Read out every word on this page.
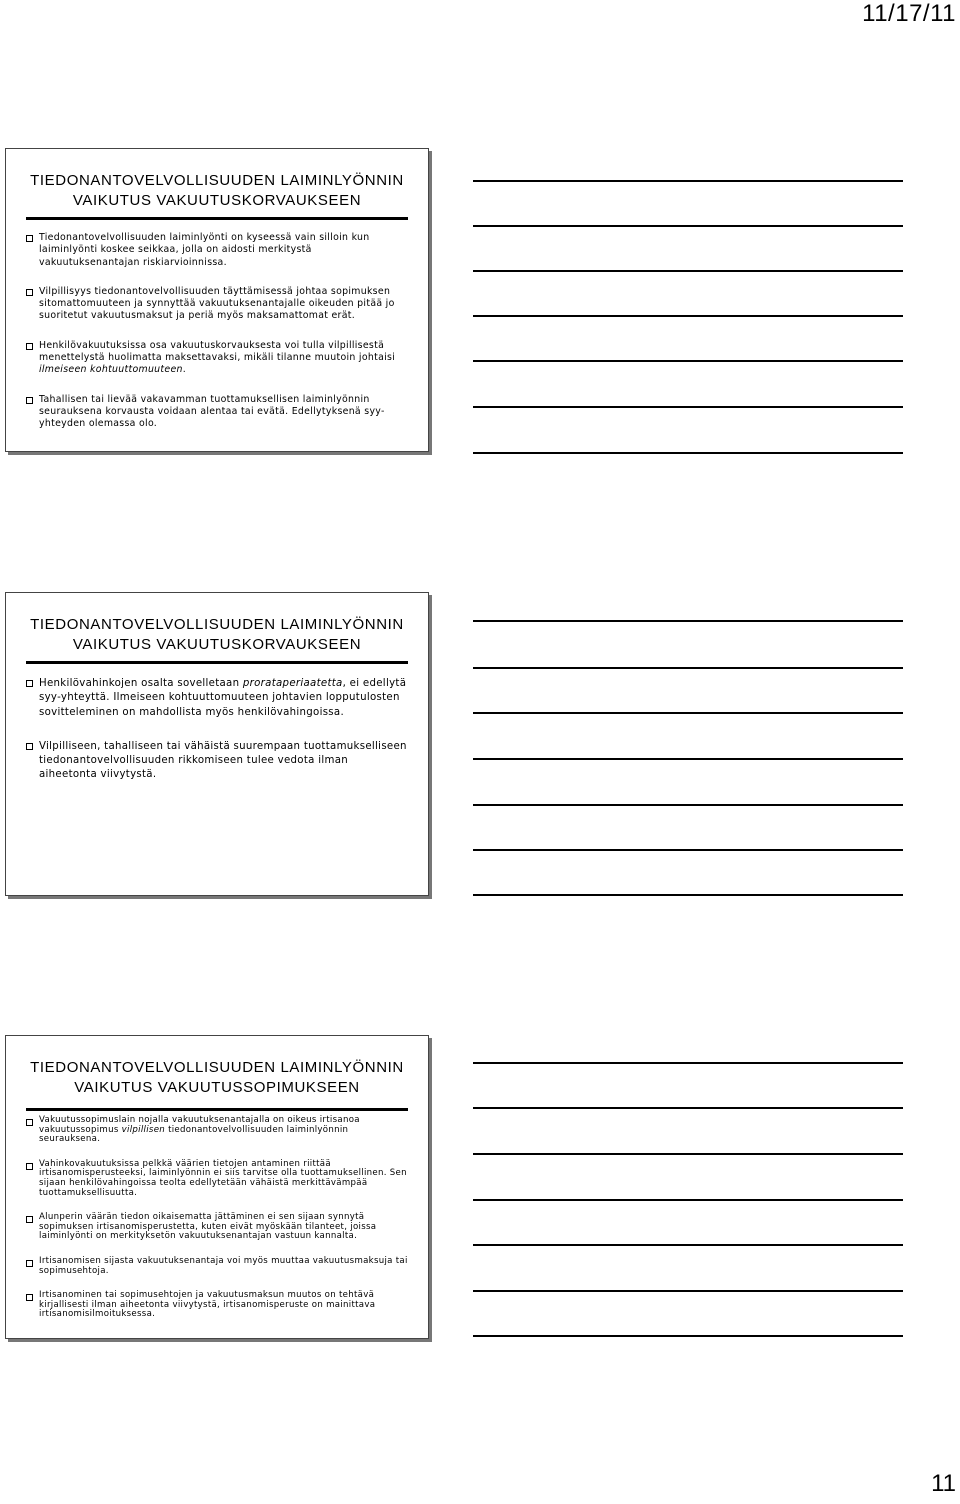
11/17/11
TIEDONANTOVELVOLLISUUDEN LAIMINLYÖNNIN
VAIKUTUS VAKUUTUSKORVAUKSEEN
Tiedonantovelvollisuuden laiminlyönti on kyseessä vain silloin kun laiminlyönti koskee seikkaa, jolla on aidosti merkitystä vakuutuksenantajan riskiarvioinnissa.
Vilpillisyys tiedonantovelvollisuuden täyttämisessä johtaa sopimuksen sitomattomuuteen ja synnyttää vakuutuksenantajalle oikeuden pitää jo suoritetut vakuutusmaksut ja periä myös maksamattomat erät.
Henkilövakuutuksissa osa vakuutuskorvauksesta voi tulla vilpillisestä menettelystä huolimatta maksettavaksi, mikäli tilanne muutoin johtaisi ilmeiseen kohtuuttomuuteen.
Tahallisen tai lievää vakavamman tuottamuksellisen laiminlyönnin seurauksena korvausta voidaan alentaa tai evätä. Edellytyksenä syy-yhteyden olemassa olo.
TIEDONANTOVELVOLLISUUDEN LAIMINLYÖNNIN
VAIKUTUS VAKUUTUSKORVAUKSEEN
Henkilövahinkojen osalta sovelletaan prorataperiaatetta, ei edellytä syy-yhteyttä. Ilmeiseen kohtuuttomuuteen johtavien lopputulosten sovitteleminen on mahdollista myös henkilövahingoissa.
Vilpilliseen, tahalliseen tai vähäistä suurempaan tuottamukselliseen tiedonantovelvollisuuden rikkomiseen tulee vedota ilman aiheetonta viivytystä.
TIEDONANTOVELVOLLISUUDEN LAIMINLYÖNNIN
VAIKUTUS VAKUUTUSSOPIMUKSEEN
Vakuutussopimuslain nojalla vakuutuksenantajalla on oikeus irtisanoa vakuutussopimus vilpillisen tiedonantovelvollisuuden laiminlyönnin seurauksena.
Vahinkovakuutuksissa pelkkä väärien tietojen antaminen riittää irtisanomisperusteeksi, laiminlyönnin ei siis tarvitse olla tuottamuksellinen. Sen sijaan henkilövahingoissa teolta edellytetään vähäistä merkittävämpää tuottamuksellisuutta.
Alunperin väärän tiedon oikaisematta jättäminen ei sen sijaan synnytä sopimuksen irtisanomisperustetta, kuten eivät myöskään tilanteet, joissa laiminlyönti on merkityksetön vakuutuksenantajan vastuun kannalta.
Irtisanomisen sijasta vakuutuksenantaja voi myös muuttaa vakuutusmaksuja tai sopimusehtoja.
Irtisanominen tai sopimusehtojen ja vakuutusmaksun muutos on tehtävä kirjallisesti ilman aiheetonta viivytystä, irtisanomisperuste on mainittava irtisanomisilmoituksessa.
11
